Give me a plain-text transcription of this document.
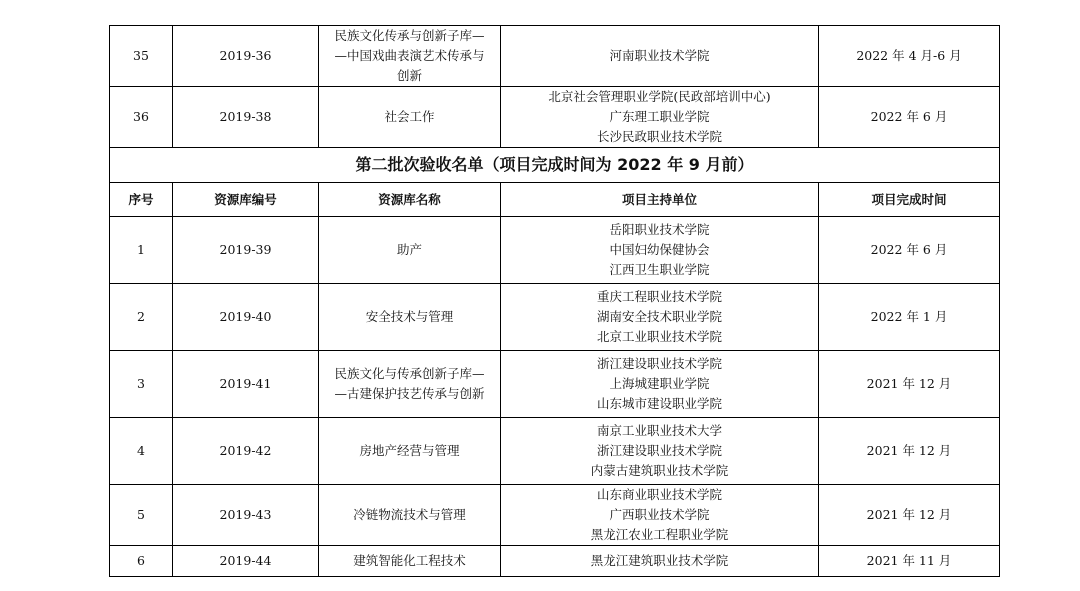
35	2019-36	民族文化传承与创新子库—
—中国戏曲表演艺术传承与
创新	河南职业技术学院	2022 年 4 月-6 月
36	2019-38	社会工作	北京社会管理职业学院(民政部培训中心)
广东理工职业学院
长沙民政职业技术学院	2022 年 6 月
第二批次验收名单（项目完成时间为 2022 年 9 月前）				
序号	资源库编号	资源库名称	项目主持单位	项目完成时间
1	2019-39	助产	岳阳职业技术学院
中国妇幼保健协会
江西卫生职业学院	2022 年 6 月
2	2019-40	安全技术与管理	重庆工程职业技术学院
湖南安全技术职业学院
北京工业职业技术学院	2022 年 1 月
3	2019-41	民族文化与传承创新子库—
—古建保护技艺传承与创新	浙江建设职业技术学院
上海城建职业学院
山东城市建设职业学院	2021 年 12 月
4	2019-42	房地产经营与管理	南京工业职业技术大学
浙江建设职业技术学院
内蒙古建筑职业技术学院	2021 年 12 月
5	2019-43	冷链物流技术与管理	山东商业职业技术学院
广西职业技术学院
黑龙江农业工程职业学院	2021 年 12 月
6	2019-44	建筑智能化工程技术	黑龙江建筑职业技术学院	2021 年 11 月
